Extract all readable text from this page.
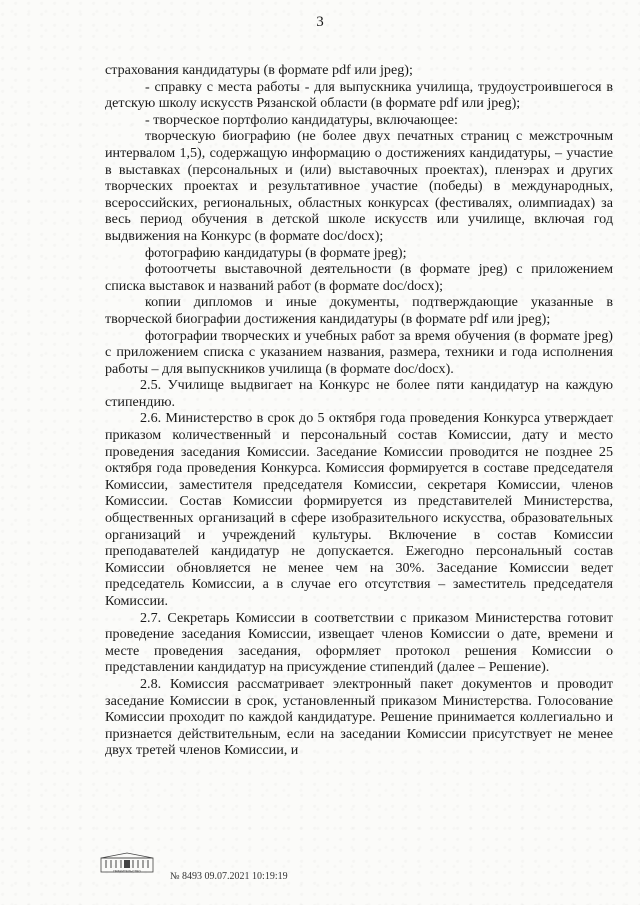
3

страхования кандидатуры (в формате pdf или jpeg);

- справку с места работы - для выпускника училища, трудоустроившегося в детскую школу искусств Рязанской области (в формате pdf или jpeg);

- творческое портфолио кандидатуры, включающее:

творческую биографию (не более двух печатных страниц с межстрочным интервалом 1,5), содержащую информацию о достижениях кандидатуры, – участие в выставках (персональных и (или) выставочных проектах), пленэрах и других творческих проектах и результативное участие (победы) в международных, всероссийских, региональных, областных конкурсах (фестивалях, олимпиадах) за весь период обучения в детской школе искусств или училище, включая год выдвижения на Конкурс (в формате doc/docx);

фотографию кандидатуры (в формате jpeg);

фотоотчеты выставочной деятельности (в формате jpeg) с приложением списка выставок и названий работ (в формате doc/docx);

копии дипломов и иные документы, подтверждающие указанные в творческой биографии достижения кандидатуры (в формате pdf или jpeg);

фотографии творческих и учебных работ за время обучения (в формате jpeg) с приложением списка с указанием названия, размера, техники и года исполнения работы – для выпускников училища (в формате doc/docx).

2.5. Училище выдвигает на Конкурс не более пяти кандидатур на каждую стипендию.

2.6. Министерство в срок до 5 октября года проведения Конкурса утверждает приказом количественный и персональный состав Комиссии, дату и место проведения заседания Комиссии. Заседание Комиссии проводится не позднее 25 октября года проведения Конкурса. Комиссия формируется в составе председателя Комиссии, заместителя председателя Комиссии, секретаря Комиссии, членов Комиссии. Состав Комиссии формируется из представителей Министерства, общественных организаций в сфере изобразительного искусства, образовательных организаций и учреждений культуры. Включение в состав Комиссии преподавателей кандидатур не допускается. Ежегодно персональный состав Комиссии обновляется не менее чем на 30%. Заседание Комиссии ведет председатель Комиссии, а в случае его отсутствия – заместитель председателя Комиссии.

2.7. Секретарь Комиссии в соответствии с приказом Министерства готовит проведение заседания Комиссии, извещает членов Комиссии о дате, времени и месте проведения заседания, оформляет протокол решения Комиссии о представлении кандидатур на присуждение стипендий (далее – Решение).

2.8. Комиссия рассматривает электронный пакет документов и проводит заседание Комиссии в срок, установленный приказом Министерства. Голосование Комиссии проходит по каждой кандидатуре. Решение принимается коллегиально и признается действительным, если на заседании Комиссии присутствует не менее двух третей членов Комиссии, и

ПРАВИТЕЛЬСТВО	№ 8493 09.07.2021 10:19:19
